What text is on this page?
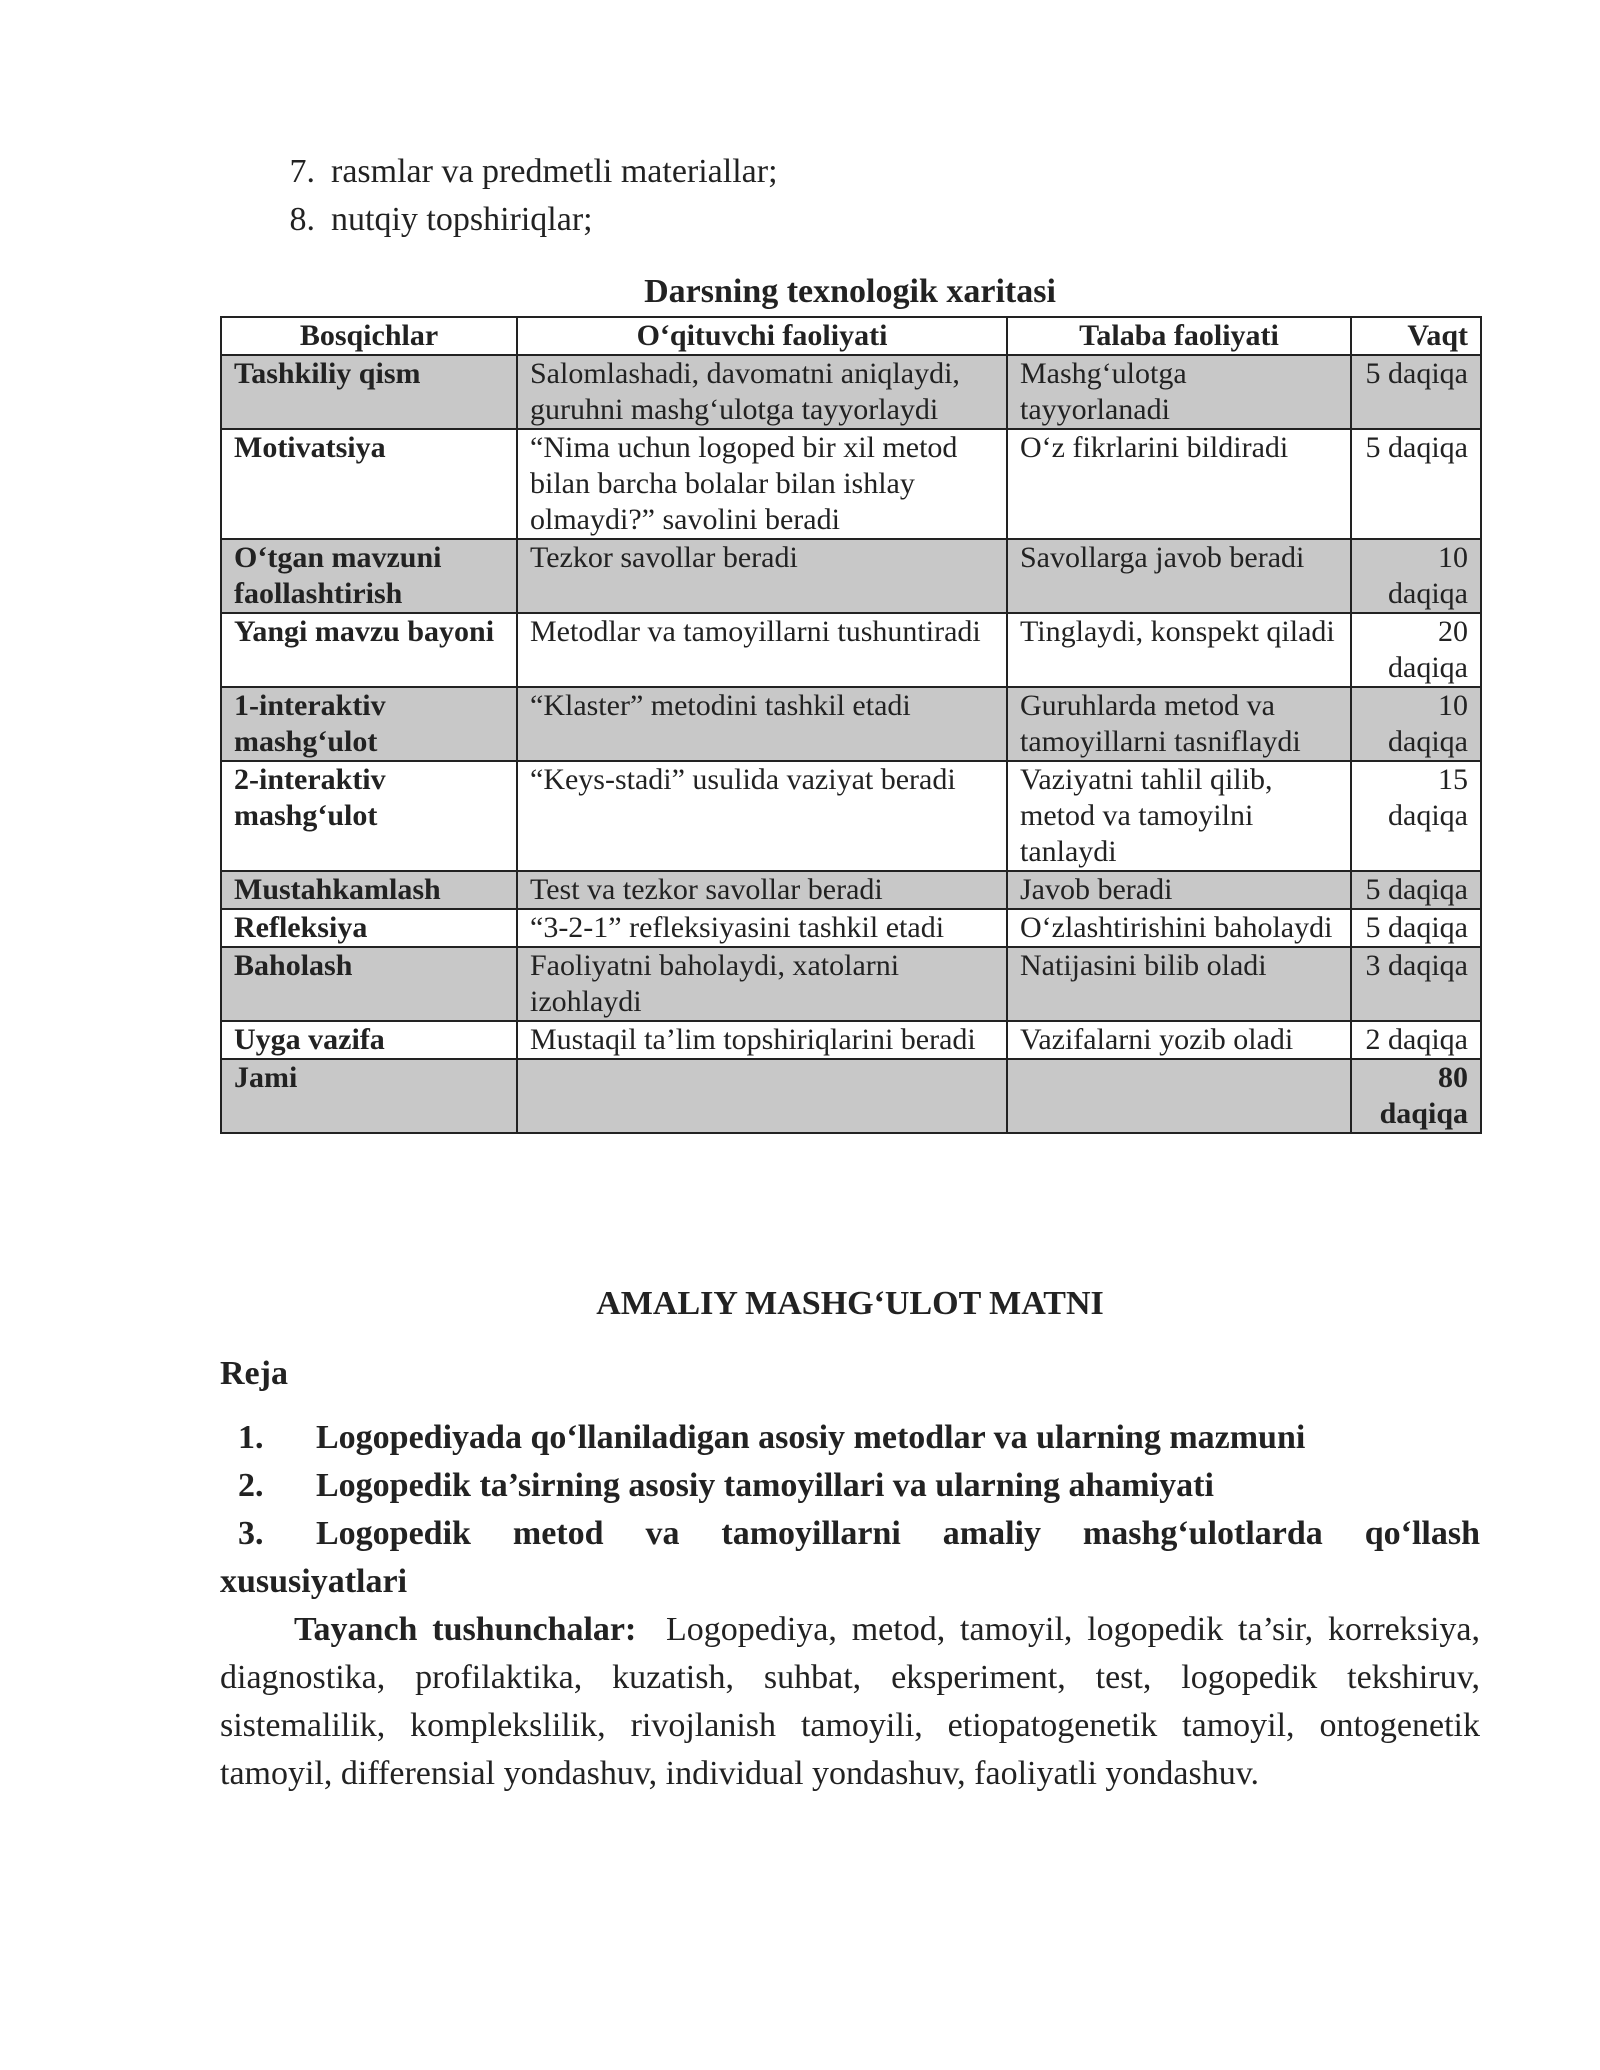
7. rasmlar va predmetli materiallar;
8. nutqiy topshiriqlar;
Darsning texnologik xaritasi
Bosqichlar	O‘qituvchi faoliyati	Talaba faoliyati	Vaqt
Tashkiliy qism	Salomlashadi, davomatni aniqlaydi, guruhni mashg‘ulotga tayyorlaydi	Mashg‘ulotga tayyorlanadi	5 daqiqa
Motivatsiya	“Nima uchun logoped bir xil metod bilan barcha bolalar bilan ishlay olmaydi?” savolini beradi	O‘z fikrlarini bildiradi	5 daqiqa
O‘tgan mavzuni faollashtirish	Tezkor savollar beradi	Savollarga javob beradi	10 daqiqa
Yangi mavzu bayoni	Metodlar va tamoyillarni tushuntiradi	Tinglaydi, konspekt qiladi	20 daqiqa
1-interaktiv mashg‘ulot	“Klaster” metodini tashkil etadi	Guruhlarda metod va tamoyillarni tasniflaydi	10 daqiqa
2-interaktiv mashg‘ulot	“Keys-stadi” usulida vaziyat beradi	Vaziyatni tahlil qilib, metod va tamoyilni tanlaydi	15 daqiqa
Mustahkamlash	Test va tezkor savollar beradi	Javob beradi	5 daqiqa
Refleksiya	“3-2-1” refleksiyasini tashkil etadi	O‘zlashtirishini baholaydi	5 daqiqa
Baholash	Faoliyatni baholaydi, xatolarni izohlaydi	Natijasini bilib oladi	3 daqiqa
Uyga vazifa	Mustaqil ta’lim topshiriqlarini beradi	Vazifalarni yozib oladi	2 daqiqa
Jami			80 daqiqa
AMALIY MASHG‘ULOT MATNI
Reja
1. Logopediyada qo‘llaniladigan asosiy metodlar va ularning mazmuni
2. Logopedik ta’sirning asosiy tamoyillari va ularning ahamiyati
3.	Logopedik metod va tamoyillarni amaliy mashg‘ulotlarda qo‘llash
xususiyatlari

Tayanch tushunchalar: Logopediya, metod, tamoyil, logopedik ta’sir, korreksiya, diagnostika, profilaktika, kuzatish, suhbat, eksperiment, test, logopedik tekshiruv, sistemalilik, komplekslilik, rivojlanish tamoyili, etiopatogenetik tamoyil, ontogenetik tamoyil, differensial yondashuv, individual yondashuv, faoliyatli yondashuv.
